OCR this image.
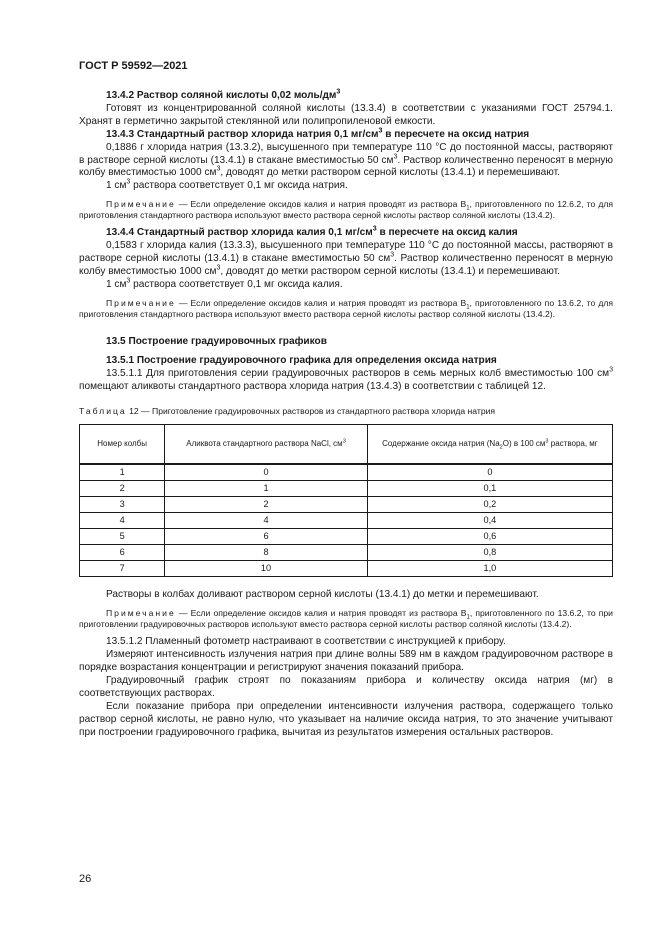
ГОСТ Р 59592—2021
13.4.2 Раствор соляной кислоты 0,02 моль/$дм^3$

Готовят из концентрированной соляной кислоты (13.3.4) в соответствии с указаниями ГОСТ 25794.1. Хранят в герметично закрытой стеклянной или полипропиленовой емкости.

13.4.3 Стандартный раствор хлорида натрия 0,1 $мг/см^3$ в пересчете на оксид натрия

0,1886 г хлорида натрия (13.3.2), высушенного при температуре 110 °С до постоянной массы, растворяют в растворе серной кислоты (13.4.1) в стакане вместимостью 50 $см^3$. Раствор количественно переносят в мерную колбу вместимостью 1000 $см^3$, доводят до метки раствором серной кислоты (13.4.1) и перемешивают.

1 $см^3$ раствора соответствует 0,1 мг оксида натрия.

Примечание — Если определение оксидов калия и натрия проводят из раствора $В_1$, приготовленного по 12.6.2, то для приготовления стандартного раствора используют вместо раствора серной кислоты раствор соляной кислоты (13.4.2).

13.4.4 Стандартный раствор хлорида калия 0,1 $мг/см^3$ в пересчете на оксид калия

0,1583 г хлорида калия (13.3.3), высушенного при температуре 110 °С до постоянной массы, растворяют в растворе серной кислоты (13.4.1) в стакане вместимостью 50 $см^3$. Раствор количественно переносят в мерную колбу вместимостью 1000 $см^3$, доводят до метки раствором серной кислоты (13.4.1) и перемешивают.

1 $см^3$ раствора соответствует 0,1 мг оксида калия.

Примечание — Если определение оксидов калия и натрия проводят из раствора $В_1$, приготовленного по 13.6.2, то для приготовления стандартного раствора используют вместо раствора серной кислоты раствор соляной кислоты (13.4.2).

13.5 Построение градуировочных графиков
13.5.1 Построение градуировочного графика для определения оксида натрия

13.5.1.1 Для приготовления серии градуировочных растворов в семь мерных колб вместимостью 100 $см^3$ помещают аликвоты стандартного раствора хлорида натрия (13.4.3) в соответствии с таблицей 12.

Таблица 12 — Приготовление градуировочных растворов из стандартного раствора хлорида натрия
Номер колбы	Аликвота стандартного раствора NaCl, $см^3$	Содержание оксида натрия $(Na_2O)$ в 100 $см^3$ раствора, мг
1	0	0
2	1	0,1
3	2	0,2
4	4	0,4
5	6	0,6
6	8	0,8
7	10	1,0

Растворы в колбах доливают раствором серной кислоты (13.4.1) до метки и перемешивают.

Примечание — Если определение оксидов калия и натрия проводят из раствора $В_1$, приготовленного по 13.6.2, то при приготовлении градуировочных растворов используют вместо раствора серной кислоты раствор соляной кислоты (13.4.2).

13.5.1.2 Пламенный фотометр настраивают в соответствии с инструкцией к прибору.

Измеряют интенсивность излучения натрия при длине волны 589 нм в каждом градуировочном растворе в порядке возрастания концентрации и регистрируют значения показаний прибора.

Градуировочный график строят по показаниям прибора и количеству оксида натрия (мг) в соответствующих растворах.

Если показание прибора при определении интенсивности излучения раствора, содержащего только раствор серной кислоты, не равно нулю, что указывает на наличие оксида натрия, то это значение учитывают при построении градуировочного графика, вычитая из результатов измерения остальных растворов.

26
